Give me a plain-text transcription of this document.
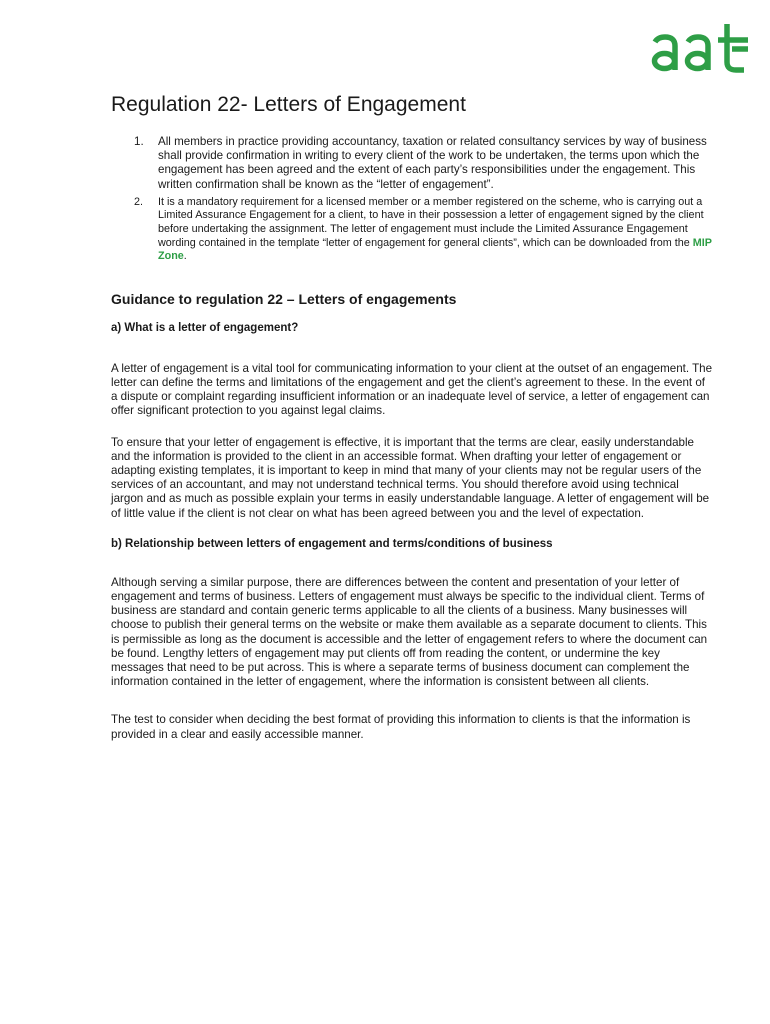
aat
Regulation 22- Letters of Engagement
1. All members in practice providing accountancy, taxation or related consultancy services by way of business shall provide confirmation in writing to every client of the work to be undertaken, the terms upon which the engagement has been agreed and the extent of each party’s responsibilities under the engagement. This written confirmation shall be known as the “letter of engagement”.
2. It is a mandatory requirement for a licensed member or a member registered on the scheme, who is carrying out a Limited Assurance Engagement for a client, to have in their possession a letter of engagement signed by the client before undertaking the assignment. The letter of engagement must include the Limited Assurance Engagement wording contained in the template “letter of engagement for general clients”, which can be downloaded from the MIP Zone.
Guidance to regulation 22 – Letters of engagements
a) What is a letter of engagement?

A letter of engagement is a vital tool for communicating information to your client at the outset of an engagement. The letter can define the terms and limitations of the engagement and get the client’s agreement to these. In the event of a dispute or complaint regarding insufficient information or an inadequate level of service, a letter of engagement can offer significant protection to you against legal claims.

To ensure that your letter of engagement is effective, it is important that the terms are clear, easily understandable and the information is provided to the client in an accessible format. When drafting your letter of engagement or adapting existing templates, it is important to keep in mind that many of your clients may not be regular users of the services of an accountant, and may not understand technical terms. You should therefore avoid using technical jargon and as much as possible explain your terms in easily understandable language. A letter of engagement will be of little value if the client is not clear on what has been agreed between you and the level of expectation.

b) Relationship between letters of engagement and terms/conditions of business

Although serving a similar purpose, there are differences between the content and presentation of your letter of engagement and terms of business. Letters of engagement must always be specific to the individual client. Terms of business are standard and contain generic terms applicable to all the clients of a business. Many businesses will choose to publish their general terms on the website or make them available as a separate document to clients. This is permissible as long as the document is accessible and the letter of engagement refers to where the document can be found. Lengthy letters of engagement may put clients off from reading the content, or undermine the key messages that need to be put across. This is where a separate terms of business document can complement the information contained in the letter of engagement, where the information is consistent between all clients.

The test to consider when deciding the best format of providing this information to clients is that the information is provided in a clear and easily accessible manner.
